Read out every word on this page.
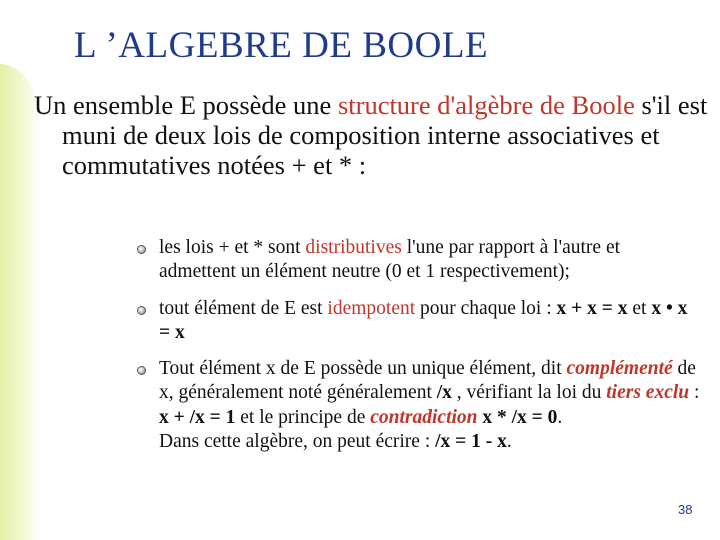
L ’ALGEBRE DE BOOLE

Un ensemble E possède une structure d'algèbre de Boole s'il est muni de deux lois de composition interne associatives et commutatives notées + et * :

les lois + et * sont distributives l'une par rapport à l'autre et admettent un élément neutre (0 et 1 respectivement);
tout élément de E est idempotent pour chaque loi : x + x = x et x • x = x
Tout élément x de E possède un unique élément, dit complémenté de x, généralement noté généralement /x , vérifiant la loi du tiers exclu : x + /x = 1 et le principe de contradiction x * /x = 0.
Dans cette algèbre, on peut écrire : /x = 1 - x.
38
